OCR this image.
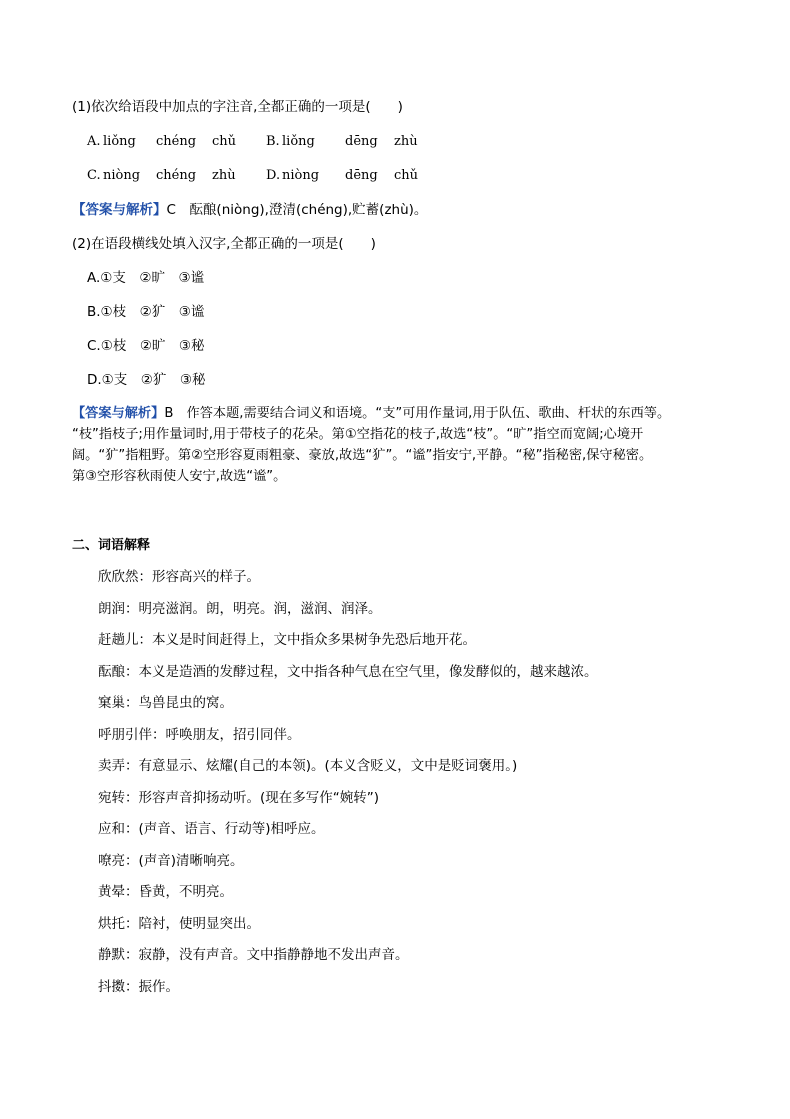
(1)依次给语段中加点的字注音,全都正确的一项是(　　)
A. liǒng chéng chǔ B. liǒng dēng zhù
C. niòng chéng zhù D. niòng dēng chǔ
【答案与解析】C　酝酿(niòng),澄清(chéng),贮蓄(zhù)。
(2)在语段横线处填入汉字,全都正确的一项是(　　)
A.①支　②旷　③谧
B.①枝　②犷　③谧
C.①枝　②旷　③秘
D.①支　②犷　③秘
【答案与解析】B　作答本题,需要结合词义和语境。“支”可用作量词,用于队伍、歌曲、杆状的东西等。
“枝”指枝子;用作量词时,用于带枝子的花朵。第①空指花的枝子,故选“枝”。“旷”指空而宽阔;心境开
阔。“犷”指粗野。第②空形容夏雨粗豪、豪放,故选“犷”。“谧”指安宁,平静。“秘”指秘密,保守秘密。
第③空形容秋雨使人安宁,故选“谧”。
二、词语解释
欣欣然：形容高兴的样子。
朗润：明亮滋润。朗，明亮。润，滋润、润泽。
赶趟儿：本义是时间赶得上，文中指众多果树争先恐后地开花。
酝酿：本义是造酒的发酵过程，文中指各种气息在空气里，像发酵似的，越来越浓。
窠巢：鸟兽昆虫的窝。
呼朋引伴：呼唤朋友，招引同伴。
卖弄：有意显示、炫耀(自己的本领)。(本义含贬义，文中是贬词褒用。)
宛转：形容声音抑扬动听。(现在多写作“婉转”)
应和：(声音、语言、行动等)相呼应。
嘹亮：(声音)清晰响亮。
黄晕：昏黄，不明亮。
烘托：陪衬，使明显突出。
静默：寂静，没有声音。文中指静静地不发出声音。
抖擞：振作。
